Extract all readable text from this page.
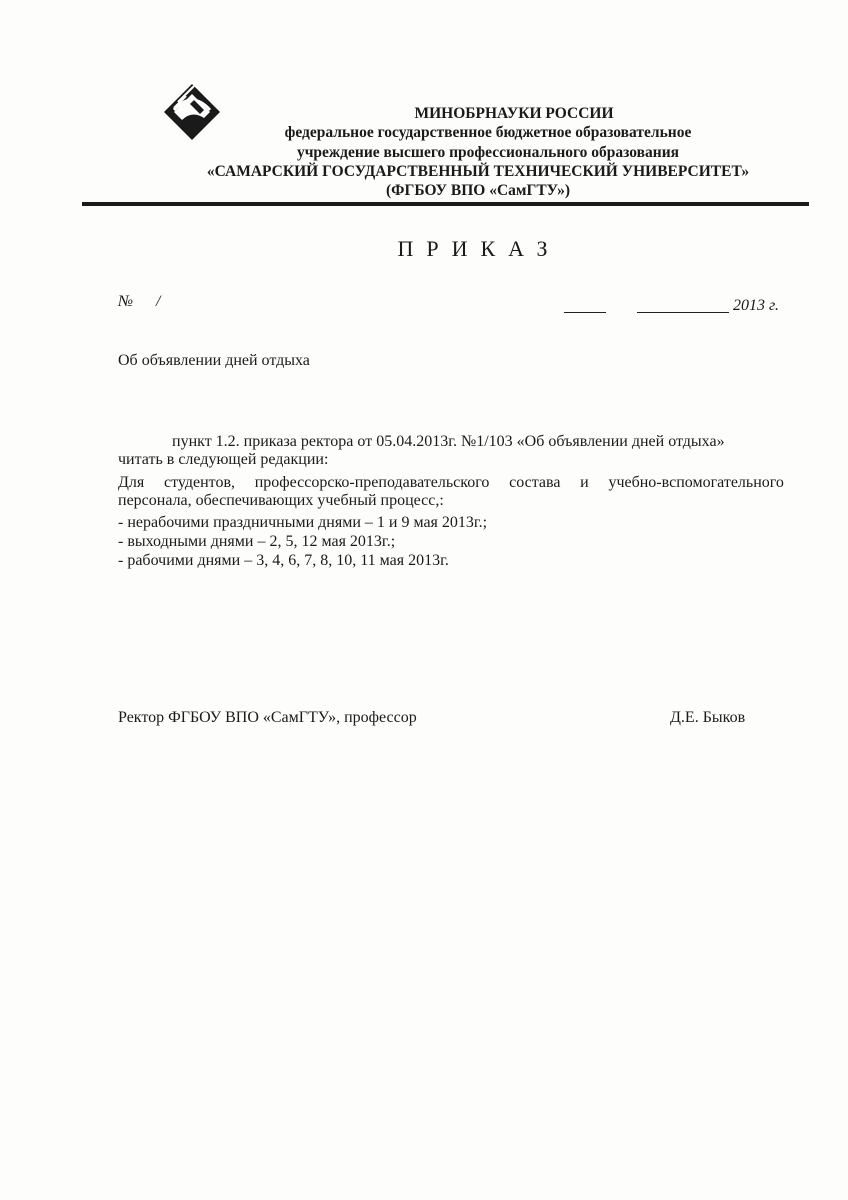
МИНОБРНАУКИ РОССИИ
федеральное государственное бюджетное образовательное
учреждение высшего профессионального образования
«САМАРСКИЙ ГОСУДАРСТВЕННЫЙ ТЕХНИЧЕСКИЙ УНИВЕРСИТЕТ»
(ФГБОУ ВПО «СамГТУ»)
ПРИКАЗ
№ /	2013 г.
Об объявлении дней отдыха
пункт 1.2. приказа ректора от 05.04.2013г. №1/103 «Об объявлении дней отдыха»
читать в следующей редакции:
Для студентов, профессорско-преподавательского состава и учебно-вспомогательного
персонала, обеспечивающих учебный процесс,:
- нерабочими праздничными днями – 1 и 9 мая 2013г.;
- выходными днями – 2, 5, 12 мая 2013г.;
- рабочими днями – 3, 4, 6, 7, 8, 10, 11 мая 2013г.
Ректор ФГБОУ ВПО «СамГТУ», профессор	Д.Е. Быков
